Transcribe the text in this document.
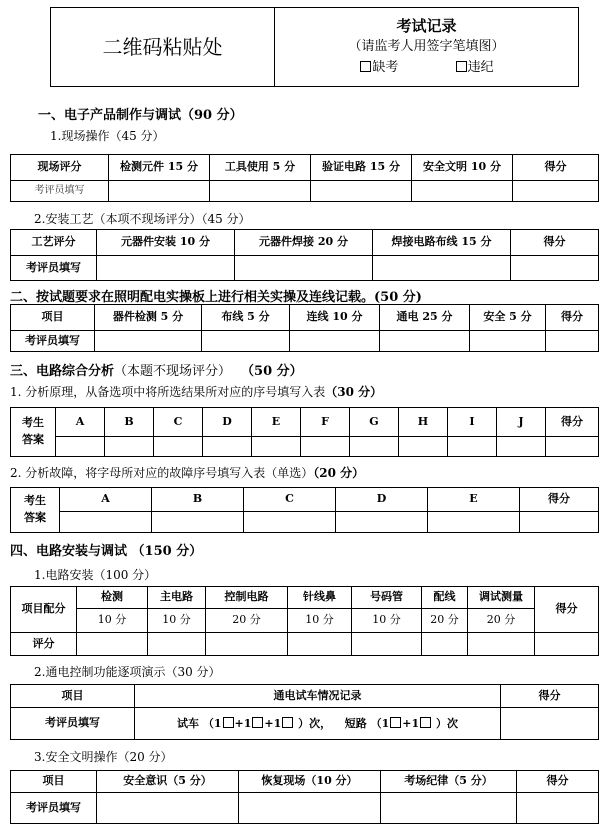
二维码粘贴处	
考试记录
（请监考人用签字笔填图）
缺考	违纪
一、电子产品制作与调试（90 分）
1.现场操作（45 分）
现场评分	检测元件 15 分	工具使用 5 分	验证电路 15 分	安全文明 10 分	得分
考评员填写					
2.安装工艺（本项不现场评分）（45 分）
工艺评分	元器件安装 10 分	元器件焊接 20 分	焊接电路布线 15 分	得分
考评员填写				
二、按试题要求在照明配电实操板上进行相关实操及连线记载。(50 分)
项目	器件检测 5 分	布线 5 分	连线 10 分	通电 25 分	安全 5 分	得分
考评员填写						
三、电路综合分析（本题不现场评分） （50 分）
1. 分析原理，从备选项中将所选结果所对应的序号填写入表（30 分）
考生
答案	A	B	C	D	E	F	G	H	I	J	得分

2. 分析故障，将字母所对应的故障序号填写入表（单选）（20 分）
考生
答案	A	B	C	D	E	得分

四、电路安装与调试 （150 分）
1.电路安装（100 分）
项目配分	检测	主电路	控制电路	针线鼻	号码管	配线	调试测量	得分
	10 分	10 分	20 分	10 分	10 分	20 分	20 分	
评分								
2.通电控制功能逐项演示（30 分）
项目	通电试车情况记录	得分
考评员填写	试车 （1 +1 +1 ）次， 短路 （1 +1 ）次	
3.安全文明操作（20 分）
项目	安全意识（5 分）	恢复现场（10 分）	考场纪律（5 分）	得分
考评员填写				
